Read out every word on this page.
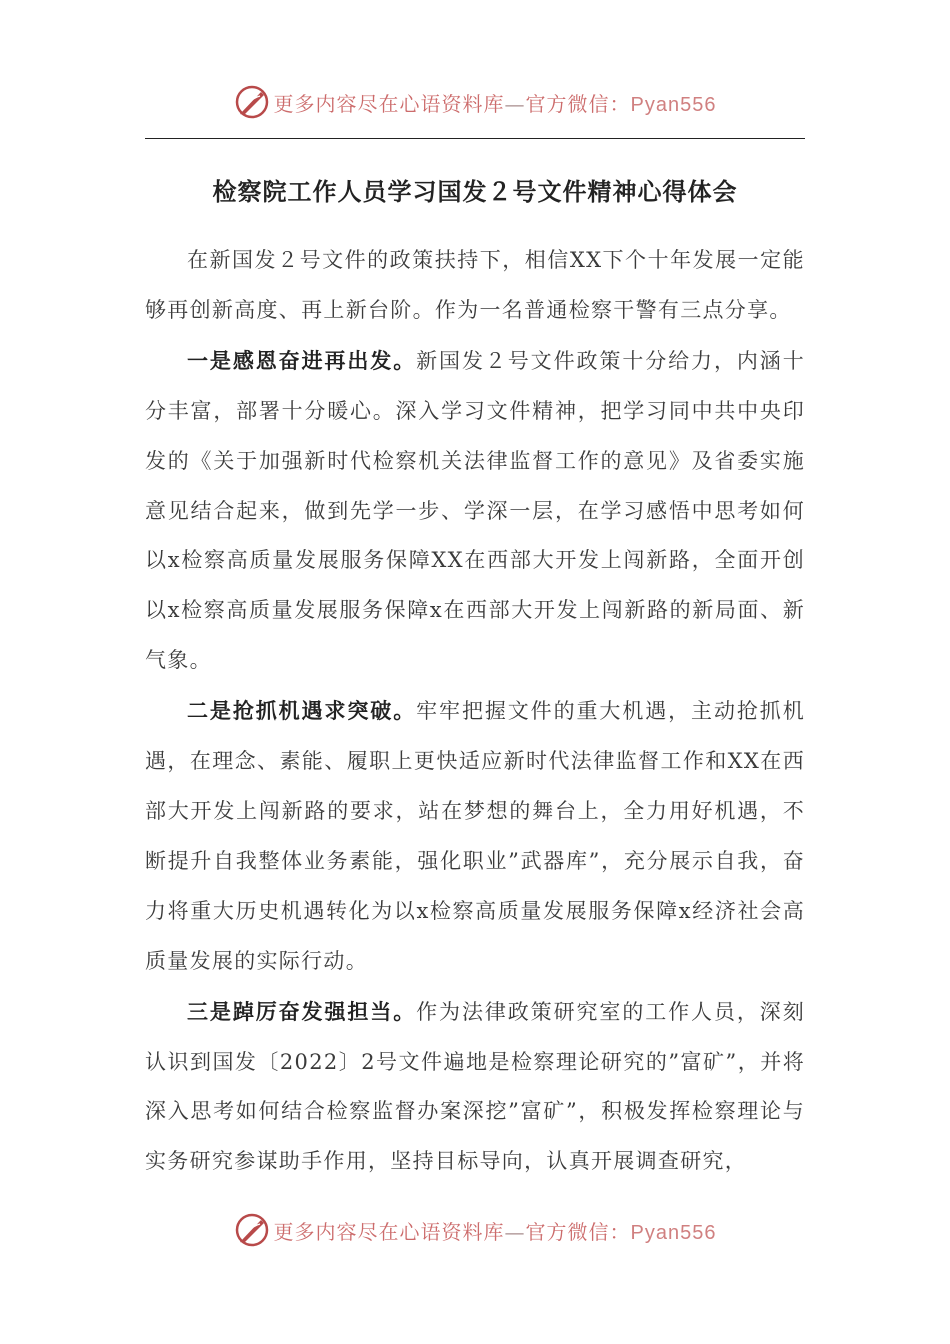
更多内容尽在心语资料库—官方微信：Pyan556
检察院工作人员学习国发２号文件精神心得体会

在新国发２号文件的政策扶持下，相信XX下个十年发展一定能够再创新高度、再上新台阶。作为一名普通检察干警有三点分享。

一是感恩奋进再出发。新国发２号文件政策十分给力，内涵十分丰富，部署十分暖心。深入学习文件精神，把学习同中共中央印发的《关于加强新时代检察机关法律监督工作的意见》及省委实施意见结合起来，做到先学一步、学深一层，在学习感悟中思考如何以x检察高质量发展服务保障XX在西部大开发上闯新路，全面开创以x检察高质量发展服务保障x在西部大开发上闯新路的新局面、新气象。

二是抢抓机遇求突破。牢牢把握文件的重大机遇，主动抢抓机遇，在理念、素能、履职上更快适应新时代法律监督工作和XX在西部大开发上闯新路的要求，站在梦想的舞台上，全力用好机遇，不断提升自我整体业务素能，强化职业”武器库”，充分展示自我，奋力将重大历史机遇转化为以x检察高质量发展服务保障x经济社会高质量发展的实际行动。

三是踔厉奋发强担当。作为法律政策研究室的工作人员，深刻认识到国发〔2022〕2号文件遍地是检察理论研究的”富矿”，并将深入思考如何结合检察监督办案深挖”富矿”，积极发挥检察理论与实务研究参谋助手作用，坚持目标导向，认真开展调查研究，

更多内容尽在心语资料库—官方微信：Pyan556
